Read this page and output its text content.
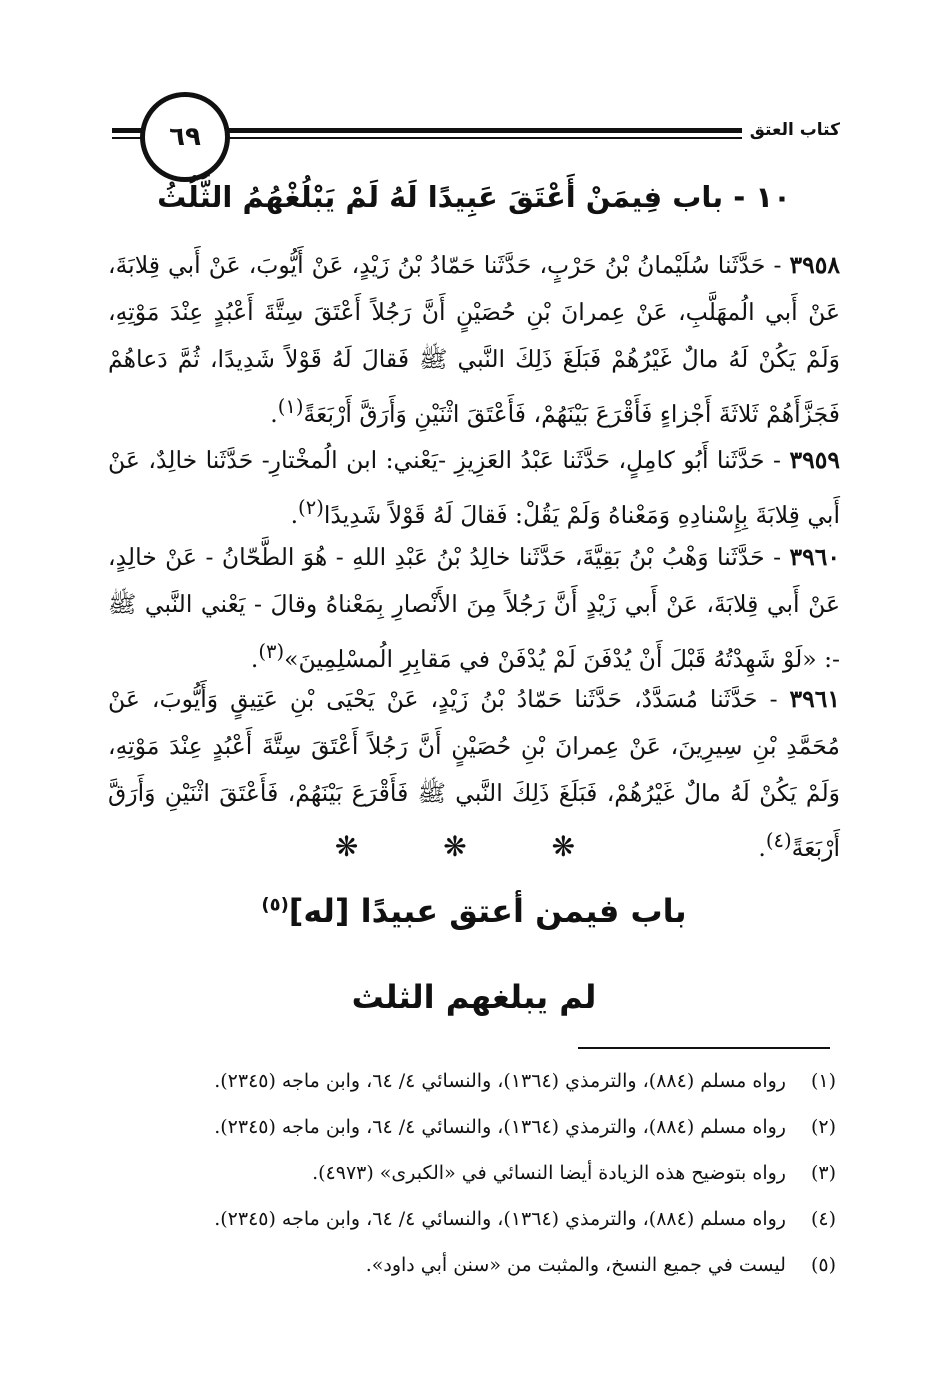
كتاب العتق
٦٩
١٠ - باب فِيمَنْ أَعْتَقَ عَبِيدًا لَهُ لَمْ يَبْلُغْهُمُ الثُّلُثُ
٣٩٥٨ - حَدَّثَنا سُلَيْمانُ بْنُ حَرْبٍ، حَدَّثَنا حَمّادُ بْنُ زَيْدٍ، عَنْ أَيُّوبَ، عَنْ أَبي قِلابَةَ، عَنْ أَبي الُمهَلَّبِ، عَنْ عِمرانَ بْنِ حُصَيْنٍ أَنَّ رَجُلاً أَعْتَقَ سِتَّةَ أَعْبُدٍ عِنْدَ مَوْتِهِ، وَلَمْ يَكُنْ لَهُ مالٌ غَيْرُهُمْ فَبَلَغَ ذَلِكَ النَّبي ﷺ فَقالَ لَهُ قَوْلاً شَدِيدًا، ثُمَّ دَعاهُمْ فَجَزَّأَهُمْ ثَلاثَةَ أَجْزاءٍ فَأَقْرَعَ بَيْنَهُمْ، فَأَعْتَقَ اثْنَيْنِ وَأَرَقَّ أَرْبَعَةً$^{(١)}$.
٣٩٥٩ - حَدَّثَنا أَبُو كامِلٍ، حَدَّثَنا عَبْدُ العَزِيزِ -يَعْني: ابن الُمخْتارِ- حَدَّثَنا خالِدٌ، عَنْ أَبي قِلابَةَ بِإِسْنادِهِ وَمَعْناهُ وَلَمْ يَقُلْ: فَقالَ لَهُ قَوْلاً شَدِيدًا$^{(٢)}$.
٣٩٦٠ - حَدَّثَنا وَهْبُ بْنُ بَقِيَّةَ، حَدَّثَنا خالِدُ بْنُ عَبْدِ اللهِ - هُوَ الطَّحّانُ - عَنْ خالِدٍ، عَنْ أَبي قِلابَةَ، عَنْ أَبي زَيْدٍ أَنَّ رَجُلاً مِنَ الأَنْصارِ بِمَعْناهُ وقالَ - يَعْني النَّبي ﷺ -: «لَوْ شَهِدْتُهُ قَبْلَ أَنْ يُدْفَنَ لَمْ يُدْفَنْ في مَقابِرِ الُمسْلِمِينَ»$^{(٣)}$.
٣٩٦١ - حَدَّثَنا مُسَدَّدٌ، حَدَّثَنا حَمّادُ بْنُ زَيْدٍ، عَنْ يَحْيَى بْنِ عَتِيقٍ وَأَيُّوبَ، عَنْ مُحَمَّدِ بْنِ سِيرِينَ، عَنْ عِمرانَ بْنِ حُصَيْنٍ أَنَّ رَجُلاً أَعْتَقَ سِتَّةَ أَعْبُدٍ عِنْدَ مَوْتِهِ، وَلَمْ يَكُنْ لَهُ مالٌ غَيْرُهُمْ، فَبَلَغَ ذَلِكَ النَّبي ﷺ فَأَقْرَعَ بَيْنَهُمْ، فَأَعْتَقَ اثْنَيْنِ وَأَرَقَّ أَرْبَعَةً$^{(٤)}$.
❋ ❋ ❋
باب فيمن أعتق عبيدًا [له]$^{(٥)}$
لم يبلغهم الثلث
(١) رواه مسلم (٨٨٤)، والترمذي (١٣٦٤)، والنسائي ٤/ ٦٤، وابن ماجه (٢٣٤٥).
(٢) رواه مسلم (٨٨٤)، والترمذي (١٣٦٤)، والنسائي ٤/ ٦٤، وابن ماجه (٢٣٤٥).
(٣) رواه بتوضيح هذه الزيادة أيضا النسائي في «الكبرى» (٤٩٧٣).
(٤) رواه مسلم (٨٨٤)، والترمذي (١٣٦٤)، والنسائي ٤/ ٦٤، وابن ماجه (٢٣٤٥).
(٥) ليست في جميع النسخ، والمثبت من «سنن أبي داود».
